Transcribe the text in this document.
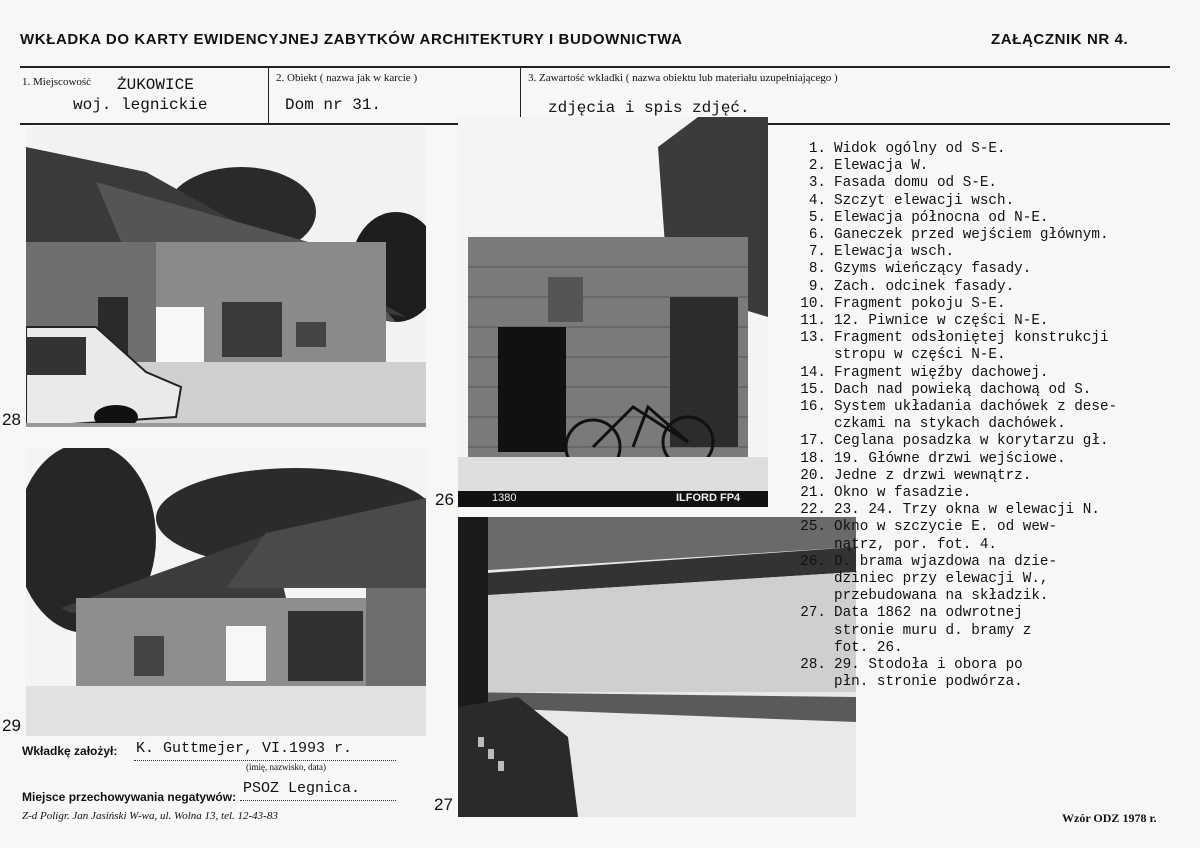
WKŁADKA DO KARTY EWIDENCYJNEJ ZABYTKÓW ARCHITEKTURY I BUDOWNICTWA	ZAŁĄCZNIK NR 4.
1. Miejscowość ŻUKOWICE
woj. legnickie
2. Obiekt ( nazwa jak w karcie )
Dom nr 31.
3. Zawartość wkładki ( nazwa obiektu lub materiału uzupełniającego )
zdjęcia i spis zdjęć.
28
29
1380	ILFORD FP4
26
27
1. Widok ogólny od S-E.
2. Elewacja W.
3. Fasada domu od S-E.
4. Szczyt elewacji wsch.
5. Elewacja północna od N-E.
6. Ganeczek przed wejściem głównym.
7. Elewacja wsch.
8. Gzyms wieńczący fasady.
9. Zach. odcinek fasady.
10. Fragment pokoju S-E.
11. 12. Piwnice w części N-E.
13. Fragment odsłoniętej konstrukcji
stropu w części N-E.
14. Fragment więźby dachowej.
15. Dach nad powieką dachową od S.
16. System układania dachówek z dese-
czkami na stykach dachówek.
17. Ceglana posadzka w korytarzu gł.
18. 19. Główne drzwi wejściowe.
20. Jedne z drzwi wewnątrz.
21. Okno w fasadzie.
22. 23. 24. Trzy okna w elewacji N.
25. Okno w szczycie E. od wew-
nątrz, por. fot. 4.
26. D. brama wjazdowa na dzie-
dziniec przy elewacji W.,
przebudowana na składzik.
27. Data 1862 na odwrotnej
stronie muru d. bramy z
fot. 26.
28. 29. Stodoła i obora po
płn. stronie podwórza.
Wkładkę założył: K. Guttmejer, VI.1993 r.
(imię, nazwisko, data)
Miejsce przechowywania negatywów: PSOZ Legnica.
Z-d Poligr. Jan Jasiński W-wa, ul. Wolna 13, tel. 12-43-83	Wzór ODZ 1978 r.
